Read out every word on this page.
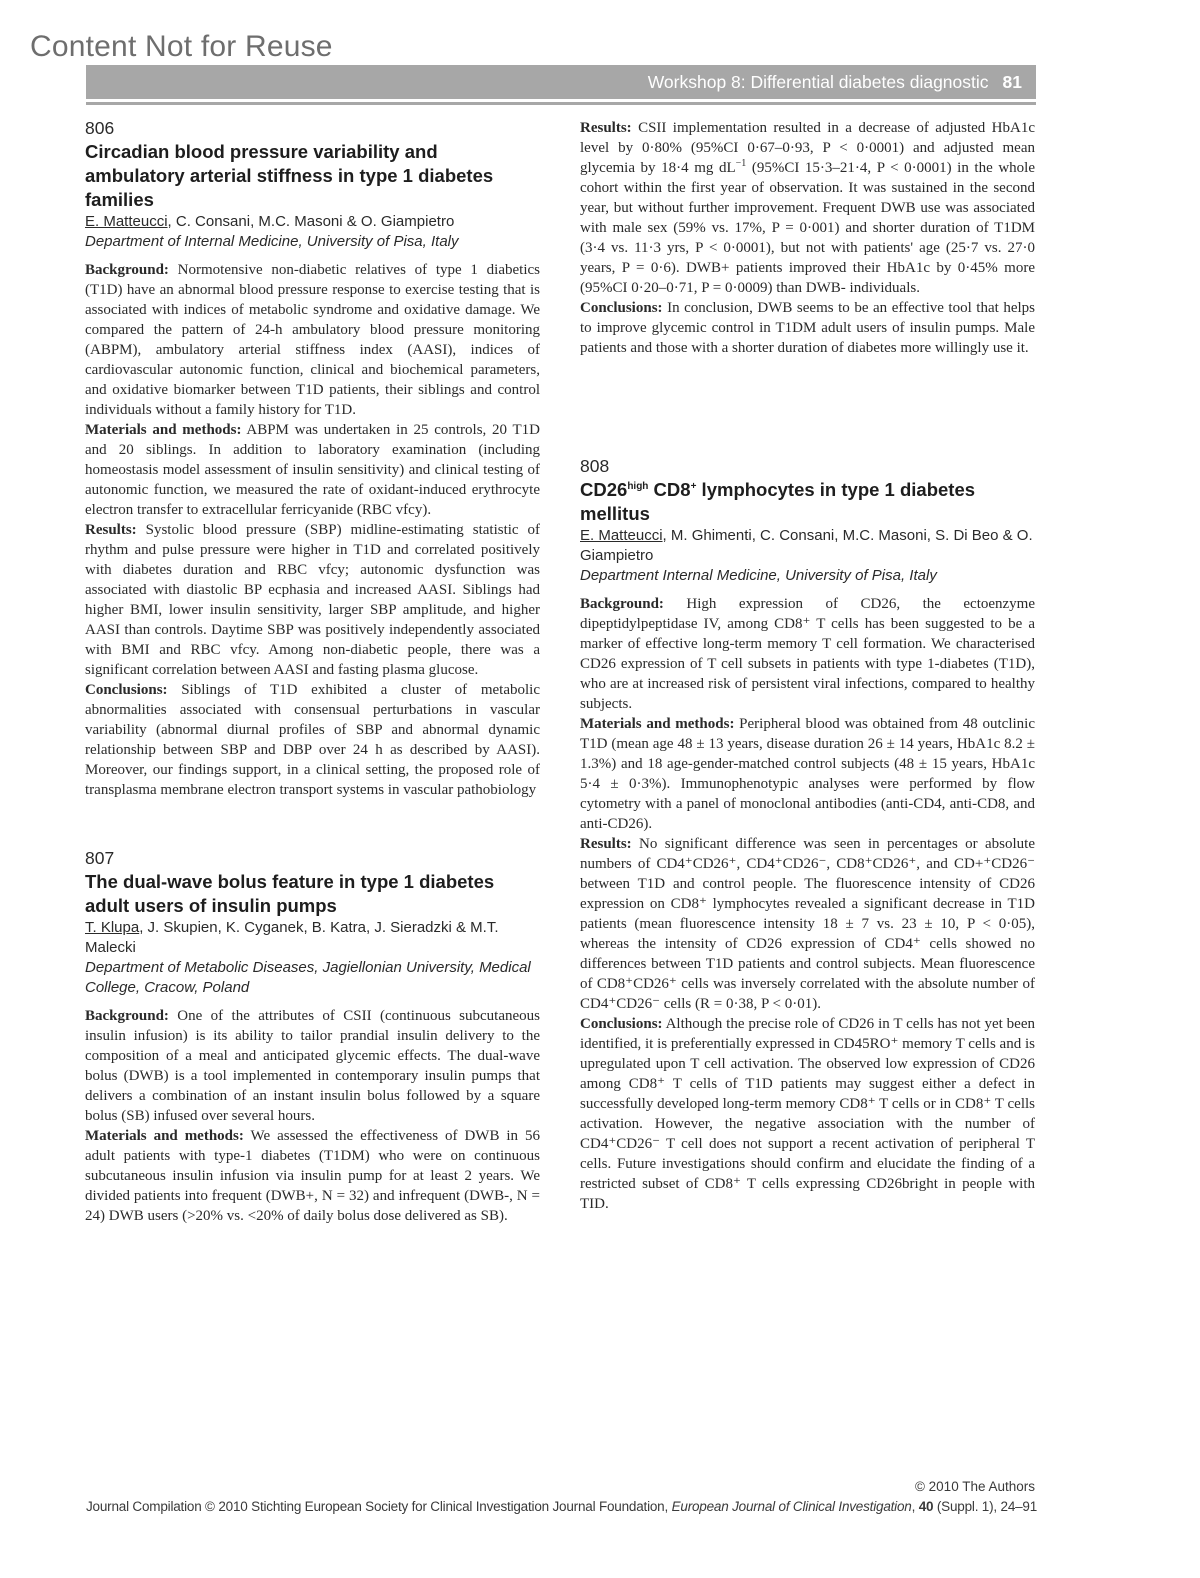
Content Not for Reuse
Workshop 8: Differential diabetes diagnostic 81
806
Circadian blood pressure variability and ambulatory arterial stiffness in type 1 diabetes families
E. Matteucci, C. Consani, M.C. Masoni & O. Giampietro
Department of Internal Medicine, University of Pisa, Italy

Background: Normotensive non-diabetic relatives of type 1 diabetics (T1D) have an abnormal blood pressure response to exercise testing that is associated with indices of metabolic syndrome and oxidative damage. We compared the pattern of 24-h ambulatory blood pressure monitoring (ABPM), ambulatory arterial stiffness index (AASI), indices of cardiovascular autonomic function, clinical and biochemical parameters, and oxidative biomarker between T1D patients, their siblings and control individuals without a family history for T1D.

Materials and methods: ABPM was undertaken in 25 controls, 20 T1D and 20 siblings. In addition to laboratory examination (including homeostasis model assessment of insulin sensitivity) and clinical testing of autonomic function, we measured the rate of oxidant-induced erythrocyte electron transfer to extracellular ferricyanide (RBC vfcy).

Results: Systolic blood pressure (SBP) midline-estimating statistic of rhythm and pulse pressure were higher in T1D and correlated positively with diabetes duration and RBC vfcy; autonomic dysfunction was associated with diastolic BP ecphasia and increased AASI. Siblings had higher BMI, lower insulin sensitivity, larger SBP amplitude, and higher AASI than controls. Daytime SBP was positively independently associated with BMI and RBC vfcy. Among non-diabetic people, there was a significant correlation between AASI and fasting plasma glucose.

Conclusions: Siblings of T1D exhibited a cluster of metabolic abnormalities associated with consensual perturbations in vascular variability (abnormal diurnal profiles of SBP and abnormal dynamic relationship between SBP and DBP over 24 h as described by AASI). Moreover, our findings support, in a clinical setting, the proposed role of transplasma membrane electron transport systems in vascular pathobiology

807
The dual-wave bolus feature in type 1 diabetes adult users of insulin pumps
T. Klupa, J. Skupien, K. Cyganek, B. Katra, J. Sieradzki & M.T. Malecki
Department of Metabolic Diseases, Jagiellonian University, Medical College, Cracow, Poland

Background: One of the attributes of CSII (continuous subcutaneous insulin infusion) is its ability to tailor prandial insulin delivery to the composition of a meal and anticipated glycemic effects. The dual-wave bolus (DWB) is a tool implemented in contemporary insulin pumps that delivers a combination of an instant insulin bolus followed by a square bolus (SB) infused over several hours.

Materials and methods: We assessed the effectiveness of DWB in 56 adult patients with type-1 diabetes (T1DM) who were on continuous subcutaneous insulin infusion via insulin pump for at least 2 years. We divided patients into frequent (DWB+, N = 32) and infrequent (DWB-, N = 24) DWB users (>20% vs. <20% of daily bolus dose delivered as SB).

Results: CSII implementation resulted in a decrease of adjusted HbA1c level by 0·80% (95%CI 0·67–0·93, P < 0·0001) and adjusted mean glycemia by 18·4 mg $dL^{-1}$ (95%CI 15·3–21·4, P < 0·0001) in the whole cohort within the first year of observation. It was sustained in the second year, but without further improvement. Frequent DWB use was associated with male sex (59% vs. 17%, P = 0·001) and shorter duration of T1DM (3·4 vs. 11·3 yrs, P < 0·0001), but not with patients' age (25·7 vs. 27·0 years, P = 0·6). DWB+ patients improved their HbA1c by 0·45% more (95%CI 0·20–0·71, P = 0·0009) than DWB- individuals.

Conclusions: In conclusion, DWB seems to be an effective tool that helps to improve glycemic control in T1DM adult users of insulin pumps. Male patients and those with a shorter duration of diabetes more willingly use it.

808
$CD26^{high}$ CD8+ lymphocytes in type 1 diabetes mellitus
E. Matteucci, M. Ghimenti, C. Consani, M.C. Masoni, S. Di Beo & O. Giampietro
Department Internal Medicine, University of Pisa, Italy

Background: High expression of CD26, the ectoenzyme dipeptidylpeptidase IV, among CD8⁺ T cells has been suggested to be a marker of effective long-term memory T cell formation. We characterised CD26 expression of T cell subsets in patients with type 1-diabetes (T1D), who are at increased risk of persistent viral infections, compared to healthy subjects.

Materials and methods: Peripheral blood was obtained from 48 outclinic T1D (mean age 48 ± 13 years, disease duration 26 ± 14 years, HbA1c 8.2 ± 1.3%) and 18 age-gender-matched control subjects (48 ± 15 years, HbA1c 5·4 ± 0·3%). Immunophenotypic analyses were performed by flow cytometry with a panel of monoclonal antibodies (anti-CD4, anti-CD8, and anti-CD26).

Results: No significant difference was seen in percentages or absolute numbers of CD4⁺CD26⁺, CD4⁺CD26⁻, CD8⁺CD26⁺, and CD+⁺CD26⁻ between T1D and control people. The fluorescence intensity of CD26 expression on CD8⁺ lymphocytes revealed a significant decrease in T1D patients (mean fluorescence intensity 18 ± 7 vs. 23 ± 10, P < 0·05), whereas the intensity of CD26 expression of CD4⁺ cells showed no differences between T1D patients and control subjects. Mean fluorescence of CD8⁺CD26⁺ cells was inversely correlated with the absolute number of CD4⁺CD26⁻ cells (R = 0·38, P < 0·01).

Conclusions: Although the precise role of CD26 in T cells has not yet been identified, it is preferentially expressed in CD45RO⁺ memory T cells and is upregulated upon T cell activation. The observed low expression of CD26 among CD8⁺ T cells of T1D patients may suggest either a defect in successfully developed long-term memory CD8⁺ T cells or in CD8⁺ T cells activation. However, the negative association with the number of CD4⁺CD26⁻ T cell does not support a recent activation of peripheral T cells. Future investigations should confirm and elucidate the finding of a restricted subset of CD8⁺ T cells expressing CD26bright in people with TID.

© 2010 The Authors
Journal Compilation © 2010 Stichting European Society for Clinical Investigation Journal Foundation, European Journal of Clinical Investigation, 40 (Suppl. 1), 24–91
